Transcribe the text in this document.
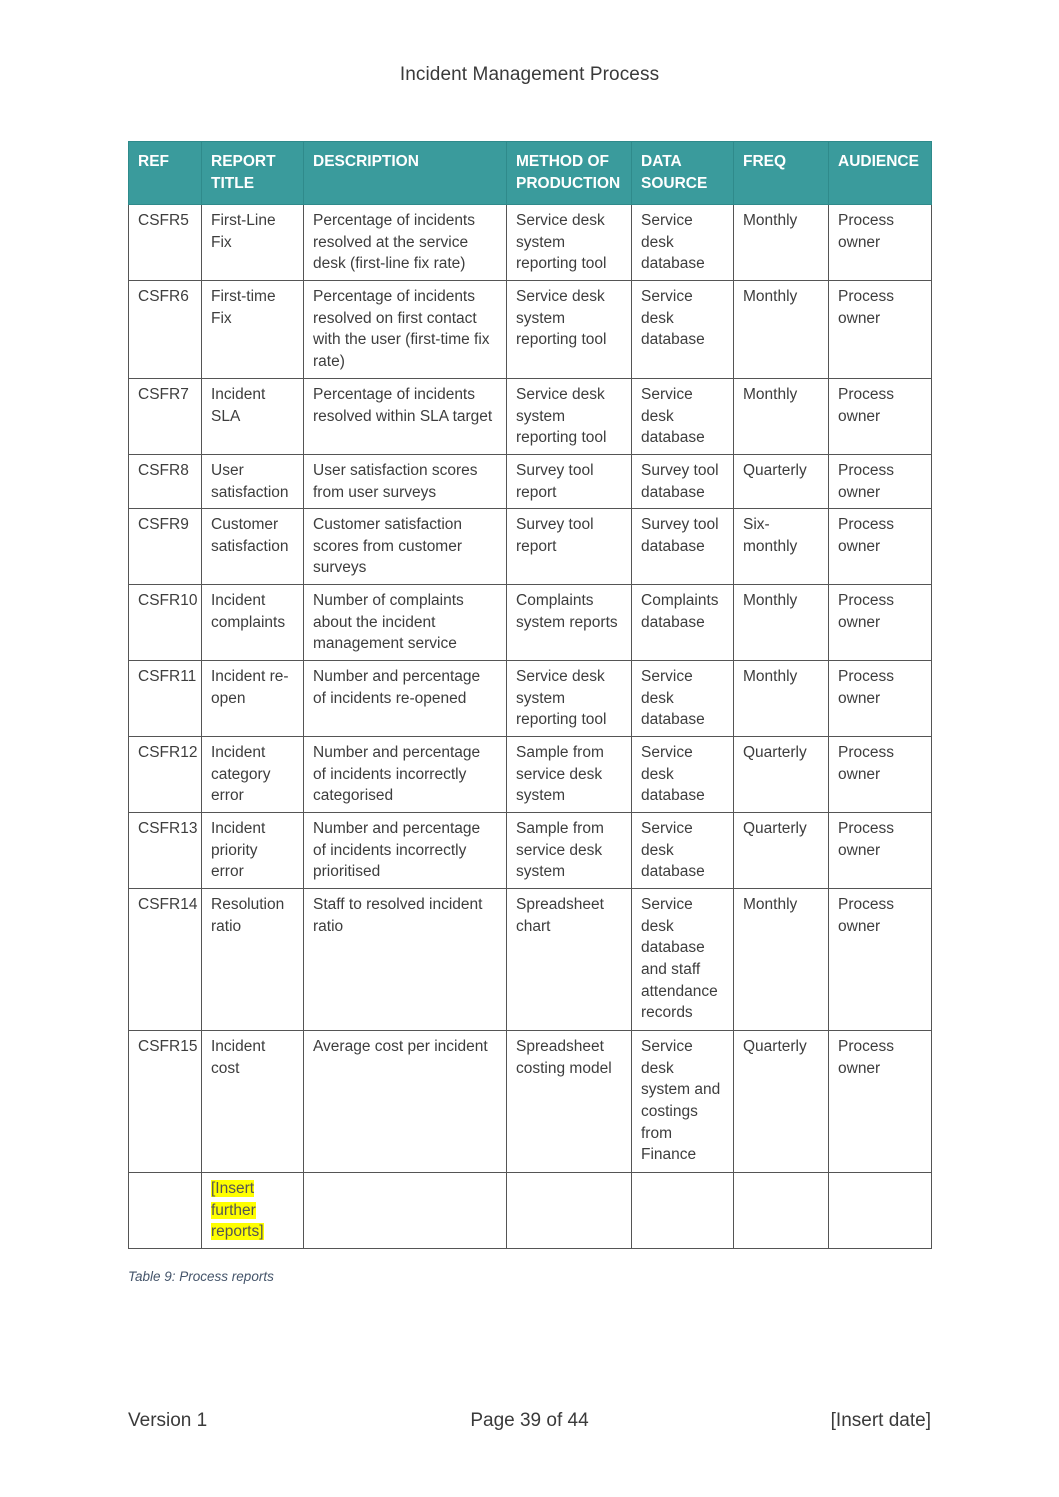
Incident Management Process
REF	REPORT TITLE	DESCRIPTION	METHOD OF PRODUCTION	DATA SOURCE	FREQ	AUDIENCE
CSFR5	First-Line Fix	Percentage of incidents resolved at the service desk (first-line fix rate)	Service desk system reporting tool	Service desk database	Monthly	Process owner
CSFR6	First-time Fix	Percentage of incidents resolved on first contact with the user (first-time fix rate)	Service desk system reporting tool	Service desk database	Monthly	Process owner
CSFR7	Incident SLA	Percentage of incidents resolved within SLA target	Service desk system reporting tool	Service desk database	Monthly	Process owner
CSFR8	User satisfaction	User satisfaction scores from user surveys	Survey tool report	Survey tool database	Quarterly	Process owner
CSFR9	Customer satisfaction	Customer satisfaction scores from customer surveys	Survey tool report	Survey tool database	Six-monthly	Process owner
CSFR10	Incident complaints	Number of complaints about the incident management service	Complaints system reports	Complaints database	Monthly	Process owner
CSFR11	Incident re-open	Number and percentage of incidents re-opened	Service desk system reporting tool	Service desk database	Monthly	Process owner
CSFR12	Incident category error	Number and percentage of incidents incorrectly categorised	Sample from service desk system	Service desk database	Quarterly	Process owner
CSFR13	Incident priority error	Number and percentage of incidents incorrectly prioritised	Sample from service desk system	Service desk database	Quarterly	Process owner
CSFR14	Resolution ratio	Staff to resolved incident ratio	Spreadsheet chart	Service desk database and staff attendance records	Monthly	Process owner
CSFR15	Incident cost	Average cost per incident	Spreadsheet costing model	Service desk system and costings from Finance	Quarterly	Process owner
	[Insert further reports]					
Table 9: Process reports
Version 1	Page 39 of 44	[Insert date]
